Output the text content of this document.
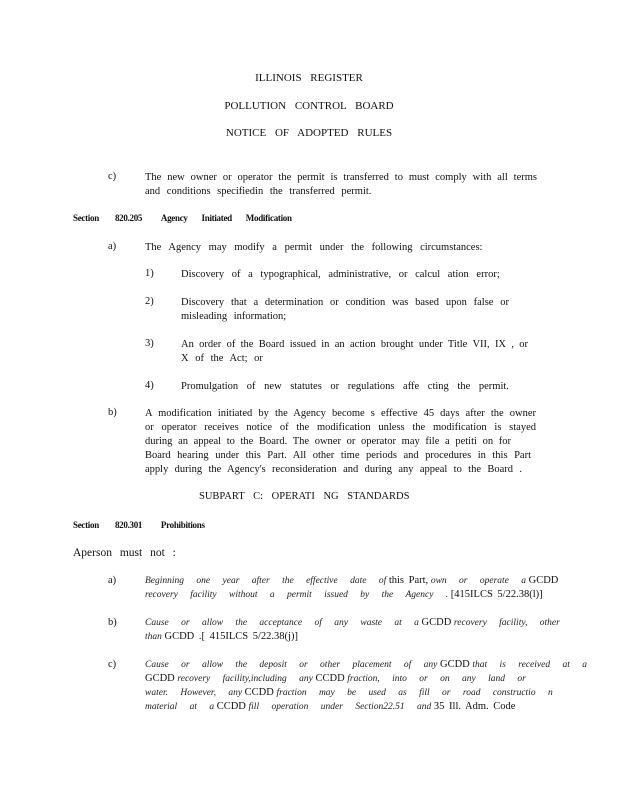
ILLINOIS REGISTER
POLLUTION CONTROL BOARD
NOTICE OF ADOPTED RULES
c)	The new owner or operator the permit is transferred to must comply with all terms
and conditions specifiedin the transferred permit.
Section 820.205 Agency Initiated Modification
a)	The Agency may modify a permit under the following circumstances:
1)	Discovery of a typographical, administrative, or calcul ation error;
2)	Discovery that a determination or condition was based upon false or
misleading information;
3)	An order of the Board issued in an action brought under Title VII, IX , or
X of the Act; or
4)	Promulgation of new statutes or regulations affe cting the permit.
b)	A modification initiated by the Agency become s effective 45 days after the owner
or operator receives notice of the modification unless the modification is stayed
during an appeal to the Board. The owner or operator may file a petiti on for
Board hearing under this Part. All other time periods and procedures in this Part
apply during the Agency's reconsideration and during any appeal to the Board .
SUBPART C: OPERATI NG STANDARDS
Section 820.301 Prohibitions
Aperson must not :
a)	Beginning one year after the effective date of this Part, own or operate a GCDD
recovery facility without a permit issued by the Agency . [415ILCS 5/22.38(l)]
b)	Cause or allow the acceptance of any waste at a GCDD recovery facility, other
than GCDD .[ 415ILCS 5/22.38(j)]
c)	Cause or allow the deposit or other placement of any GCDD that is received at a
GCDD recovery facility,including any CCDD fraction, into or on any land or
water. However, any CCDD fraction may be used as fill or road constructio n
material at a CCDD fill operation under Section22.51 and 35 Ill. Adm. Code
